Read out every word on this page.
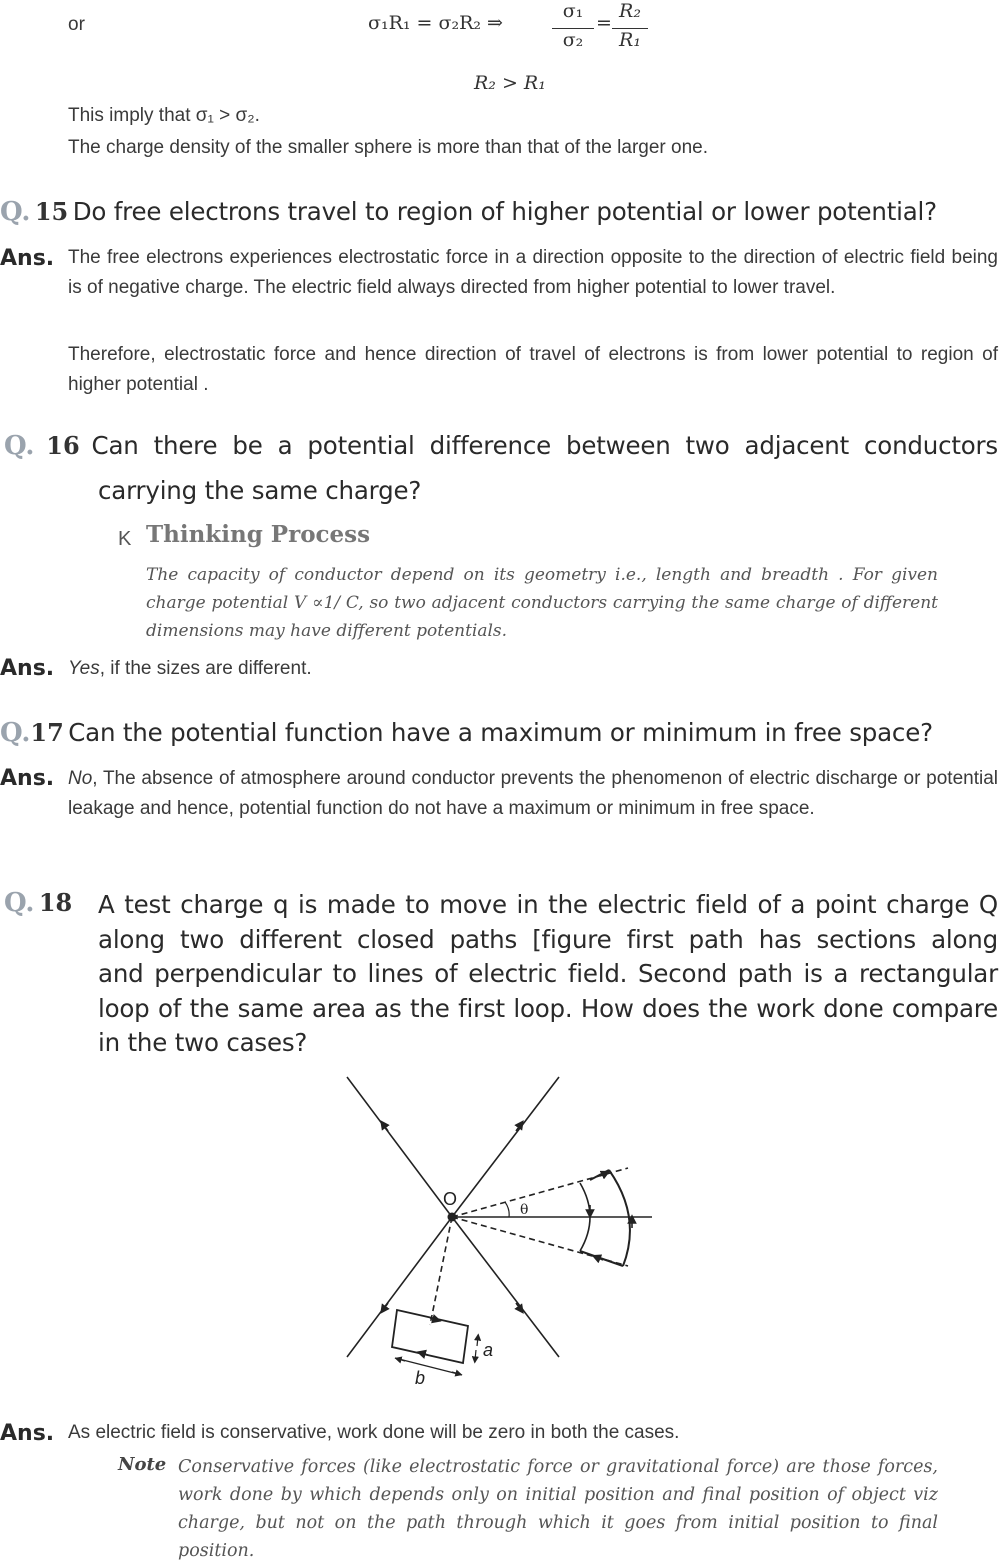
or	σ₁R₁ = σ₂R₂ ⇒
σ₁
σ₂
=
R₂
R₁
R₂ > R₁
This imply that σ₁ > σ₂.
The charge density of the smaller sphere is more than that of the larger one.
Q. 15 Do free electrons travel to region of higher potential or lower potential?
Ans. The free electrons experiences electrostatic force in a direction opposite to the direction of electric field being is of negative charge. The electric field always directed from higher potential to lower travel.
Therefore, electrostatic force and hence direction of travel of electrons is from lower potential to region of higher potential .
Q. 16 Can there be a potential difference between two adjacent conductors
carrying the same charge?
K Thinking Process
The capacity of conductor depend on its geometry i.e., length and breadth . For given charge potential V ∝1/ C, so two adjacent conductors carrying the same charge of different dimensions may have different potentials.
Ans. Yes, if the sizes are different.
Q.17 Can the potential function have a maximum or minimum in free space?
Ans. No, The absence of atmosphere around conductor prevents the phenomenon of electric discharge or potential leakage and hence, potential function do not have a maximum or minimum in free space.
Q. 18 A test charge q is made to move in the electric field of a point charge Q
along two different closed paths [figure first path has sections along
and perpendicular to lines of electric field. Second path is a rectangular
loop of the same area as the first loop. How does the work done compare
in the two cases?
O
θ
a
b
Ans. As electric field is conservative, work done will be zero in both the cases.
Note Conservative forces (like electrostatic force or gravitational force) are those forces, work done by which depends only on initial position and final position of object viz charge, but not on the path through which it goes from initial position to final position.
